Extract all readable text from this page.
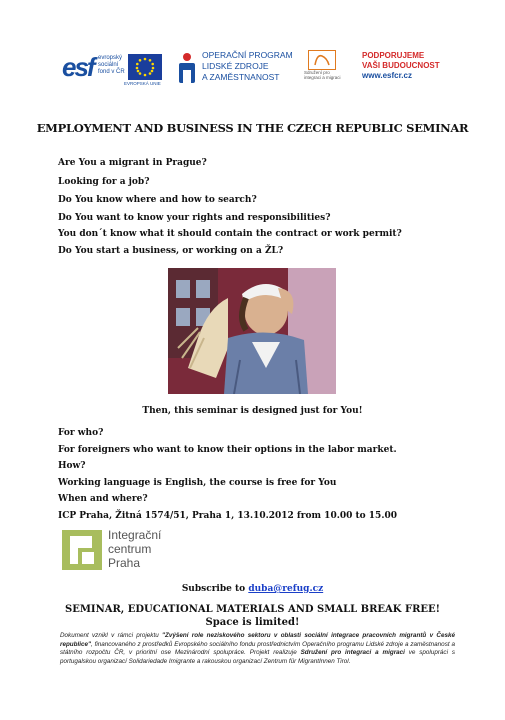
esf evropský
sociální
fond v ČR
EVROPSKÁ UNIE
OPERAČNÍ PROGRAM
LIDSKÉ ZDROJE
A ZAMĚSTNANOST	Sdružení pro
integraci a migraci
PODPORUJEME
VAŠI BUDOUCNOST
www.esfcr.cz
EMPLOYMENT AND BUSINESS IN THE CZECH REPUBLIC SEMINAR
Are You a migrant in Prague?
Looking for a job?
Do You know where and how to search?
Do You want to know your rights and responsibilities?
You don´t know what it should contain the contract or work permit?
Do You start a business, or working on a ŽL?
Then, this seminar is designed just for You!
For who?
For foreigners who want to know their options in the labor market.
How?
Working language is English, the course is free for You
When and where?
ICP Praha, Žitná 1574/51, Praha 1, 13.10.2012 from 10.00 to 15.00
Integrační
centrum
Praha
Subscribe to duba@refug.cz
SEMINAR, EDUCATIONAL MATERIALS AND SMALL BREAK FREE!
Space is limited!
Dokument vznikl v rámci projektu "Zvýšení role neziskového sektoru v oblasti sociální integrace pracovních migrantů v České republice", financovaného z prostředků Evropského sociálního fondu prostřednictvím Operačního programu Lidské zdroje a zaměstnanost a státního rozpočtu ČR, v prioritní ose Mezinárodní spolupráce. Projekt realizuje Sdružení pro integraci a migraci ve spolupráci s portugalskou organizací Solidariedade Imigrante a rakouskou organizací Zentrum für MigrantInnen Tirol.
